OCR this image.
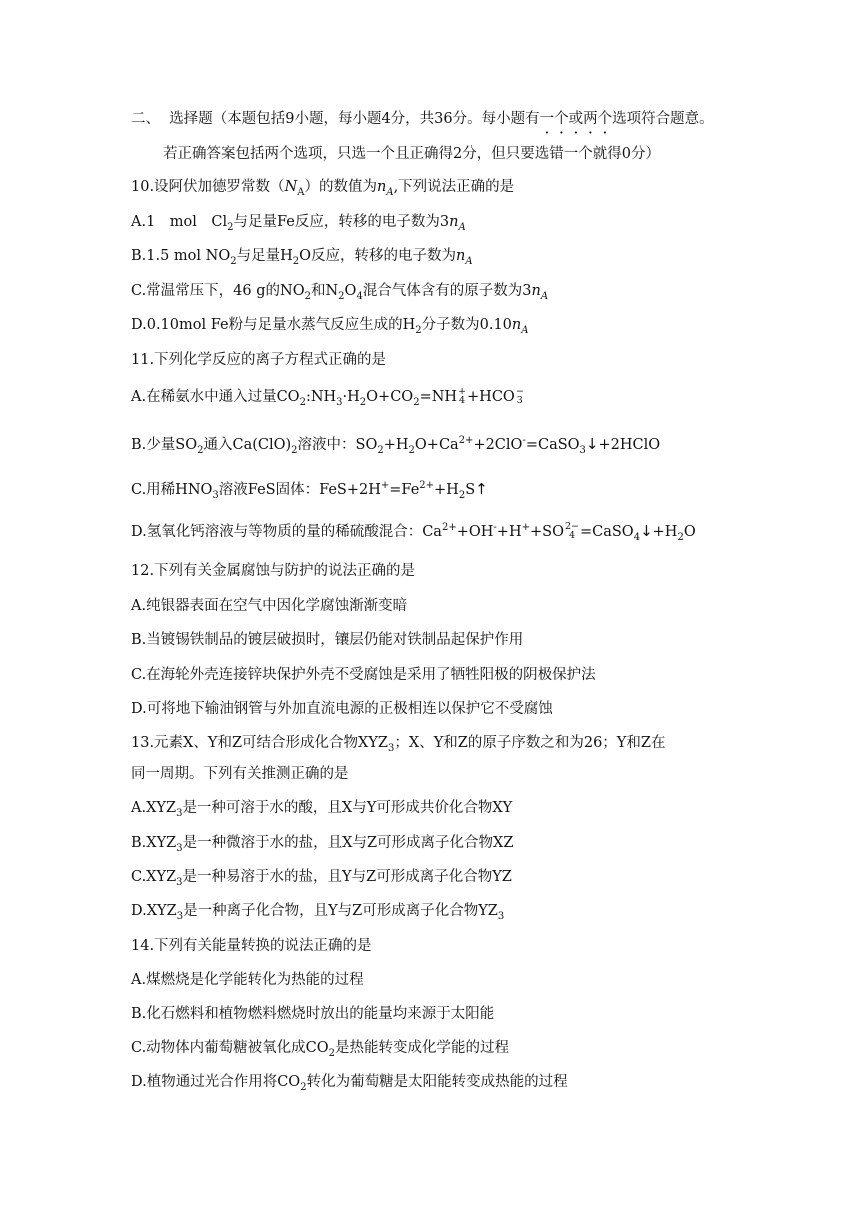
二、 选择题（本题包括9小题，每小题4分，共36分。每小题有一个或两个选项符合题意。
若正确答案包括两个选项，只选一个且正确得2分，但只要选错一个就得0分）
10.设阿伏加德罗常数$(N_A)$的数值为$n_A$,下列说法正确的是
A.1　mol　$Cl_2$与足量Fe反应，转移的电子数为$3n_A$
B.1.5 mol $NO_2$与足量$H_2O$反应，转移的电子数为$n_A$
C.常温常压下，46 g的$NO_2$和$N_2O_4$混合气体含有的原子数为$3n_A$
D.0.10mol Fe粉与足量水蒸气反应生成的$H_2$分子数为$0.10n_A$
11.下列化学反应的离子方程式正确的是
A.在稀氨水中通入过量$CO_2:NH_3\cdot H_2O+CO_2=NH$ +
4 +HCO −
3
B.少量$SO_2$通入$Ca(ClO)_2$溶液中：$SO_2+H_2O+Ca^{2+}+2ClO^-=CaSO_3↓+2HClO$
C.用稀$HNO_3$溶液FeS固体：$FeS+2H^+=Fe^{2+}+H_2S↑$
D.氢氧化钙溶液与等物质的量的稀硫酸混合：$Ca^{2+}+OH^-+H^++SO$ 2−
$4 =CaSO_4↓+H_2O$
12.下列有关金属腐蚀与防护的说法正确的是
A.纯银器表面在空气中因化学腐蚀渐渐变暗
B.当镀锡铁制品的镀层破损时，镶层仍能对铁制品起保护作用
C.在海轮外壳连接锌块保护外壳不受腐蚀是采用了牺牲阳极的阴极保护法
D.可将地下输油钢管与外加直流电源的正极相连以保护它不受腐蚀
13.元素X、Y和Z可结合形成化合物$XYZ_3$；X、Y和Z的原子序数之和为26；Y和Z在
同一周期。下列有关推测正确的是
$A.XYZ_3$是一种可溶于水的酸，且X与Y可形成共价化合物XY
$B.XYZ_3$是一种微溶于水的盐，且X与Z可形成离子化合物XZ
$C.XYZ_3$是一种易溶于水的盐，且Y与Z可形成离子化合物YZ
$D.XYZ_3$是一种离子化合物，且Y与Z可形成离子化合物$YZ_3$
14.下列有关能量转换的说法正确的是
A.煤燃烧是化学能转化为热能的过程
B.化石燃料和植物燃料燃烧时放出的能量均来源于太阳能
C.动物体内葡萄糖被氧化成$CO_2$是热能转变成化学能的过程
D.植物通过光合作用将$CO_2$转化为葡萄糖是太阳能转变成热能的过程
